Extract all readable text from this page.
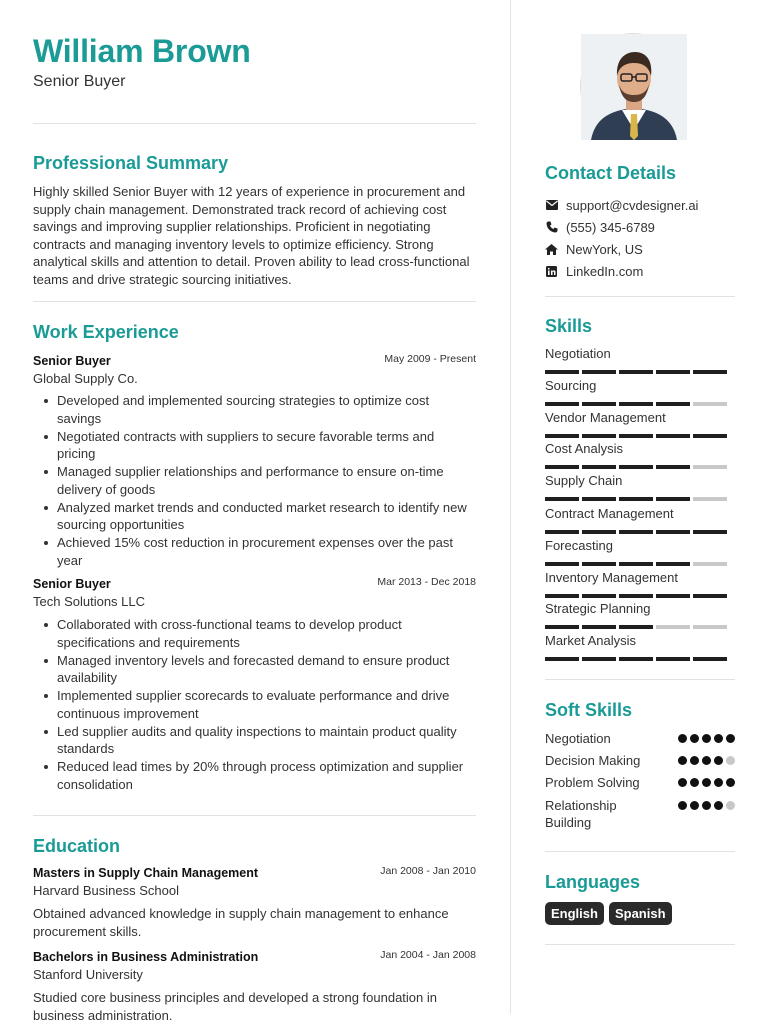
William Brown
Senior Buyer
Professional Summary
Highly skilled Senior Buyer with 12 years of experience in procurement and supply chain management. Demonstrated track record of achieving cost savings and improving supplier relationships. Proficient in negotiating contracts and managing inventory levels to optimize efficiency. Strong analytical skills and attention to detail. Proven ability to lead cross-functional teams and drive strategic sourcing initiatives.
Work Experience
Senior Buyer	May 2009 - Present
Global Supply Co.
Developed and implemented sourcing strategies to optimize cost savings
Negotiated contracts with suppliers to secure favorable terms and pricing
Managed supplier relationships and performance to ensure on-time delivery of goods
Analyzed market trends and conducted market research to identify new sourcing opportunities
Achieved 15% cost reduction in procurement expenses over the past year
Senior Buyer	Mar 2013 - Dec 2018
Tech Solutions LLC
Collaborated with cross-functional teams to develop product specifications and requirements
Managed inventory levels and forecasted demand to ensure product availability
Implemented supplier scorecards to evaluate performance and drive continuous improvement
Led supplier audits and quality inspections to maintain product quality standards
Reduced lead times by 20% through process optimization and supplier consolidation
Education
Masters in Supply Chain Management	Jan 2008 - Jan 2010
Harvard Business School
Obtained advanced knowledge in supply chain management to enhance procurement skills.
Bachelors in Business Administration	Jan 2004 - Jan 2008
Stanford University
Studied core business principles and developed a strong foundation in business administration.
Contact Details
support@cvdesigner.ai
(555) 345-6789
NewYork, US
LinkedIn.com
Skills
Negotiation
Sourcing
Vendor Management
Cost Analysis
Supply Chain
Contract Management
Forecasting
Inventory Management
Strategic Planning
Market Analysis
Soft Skills
Negotiation
Decision Making
Problem Solving
Relationship Building
Languages
English	Spanish
